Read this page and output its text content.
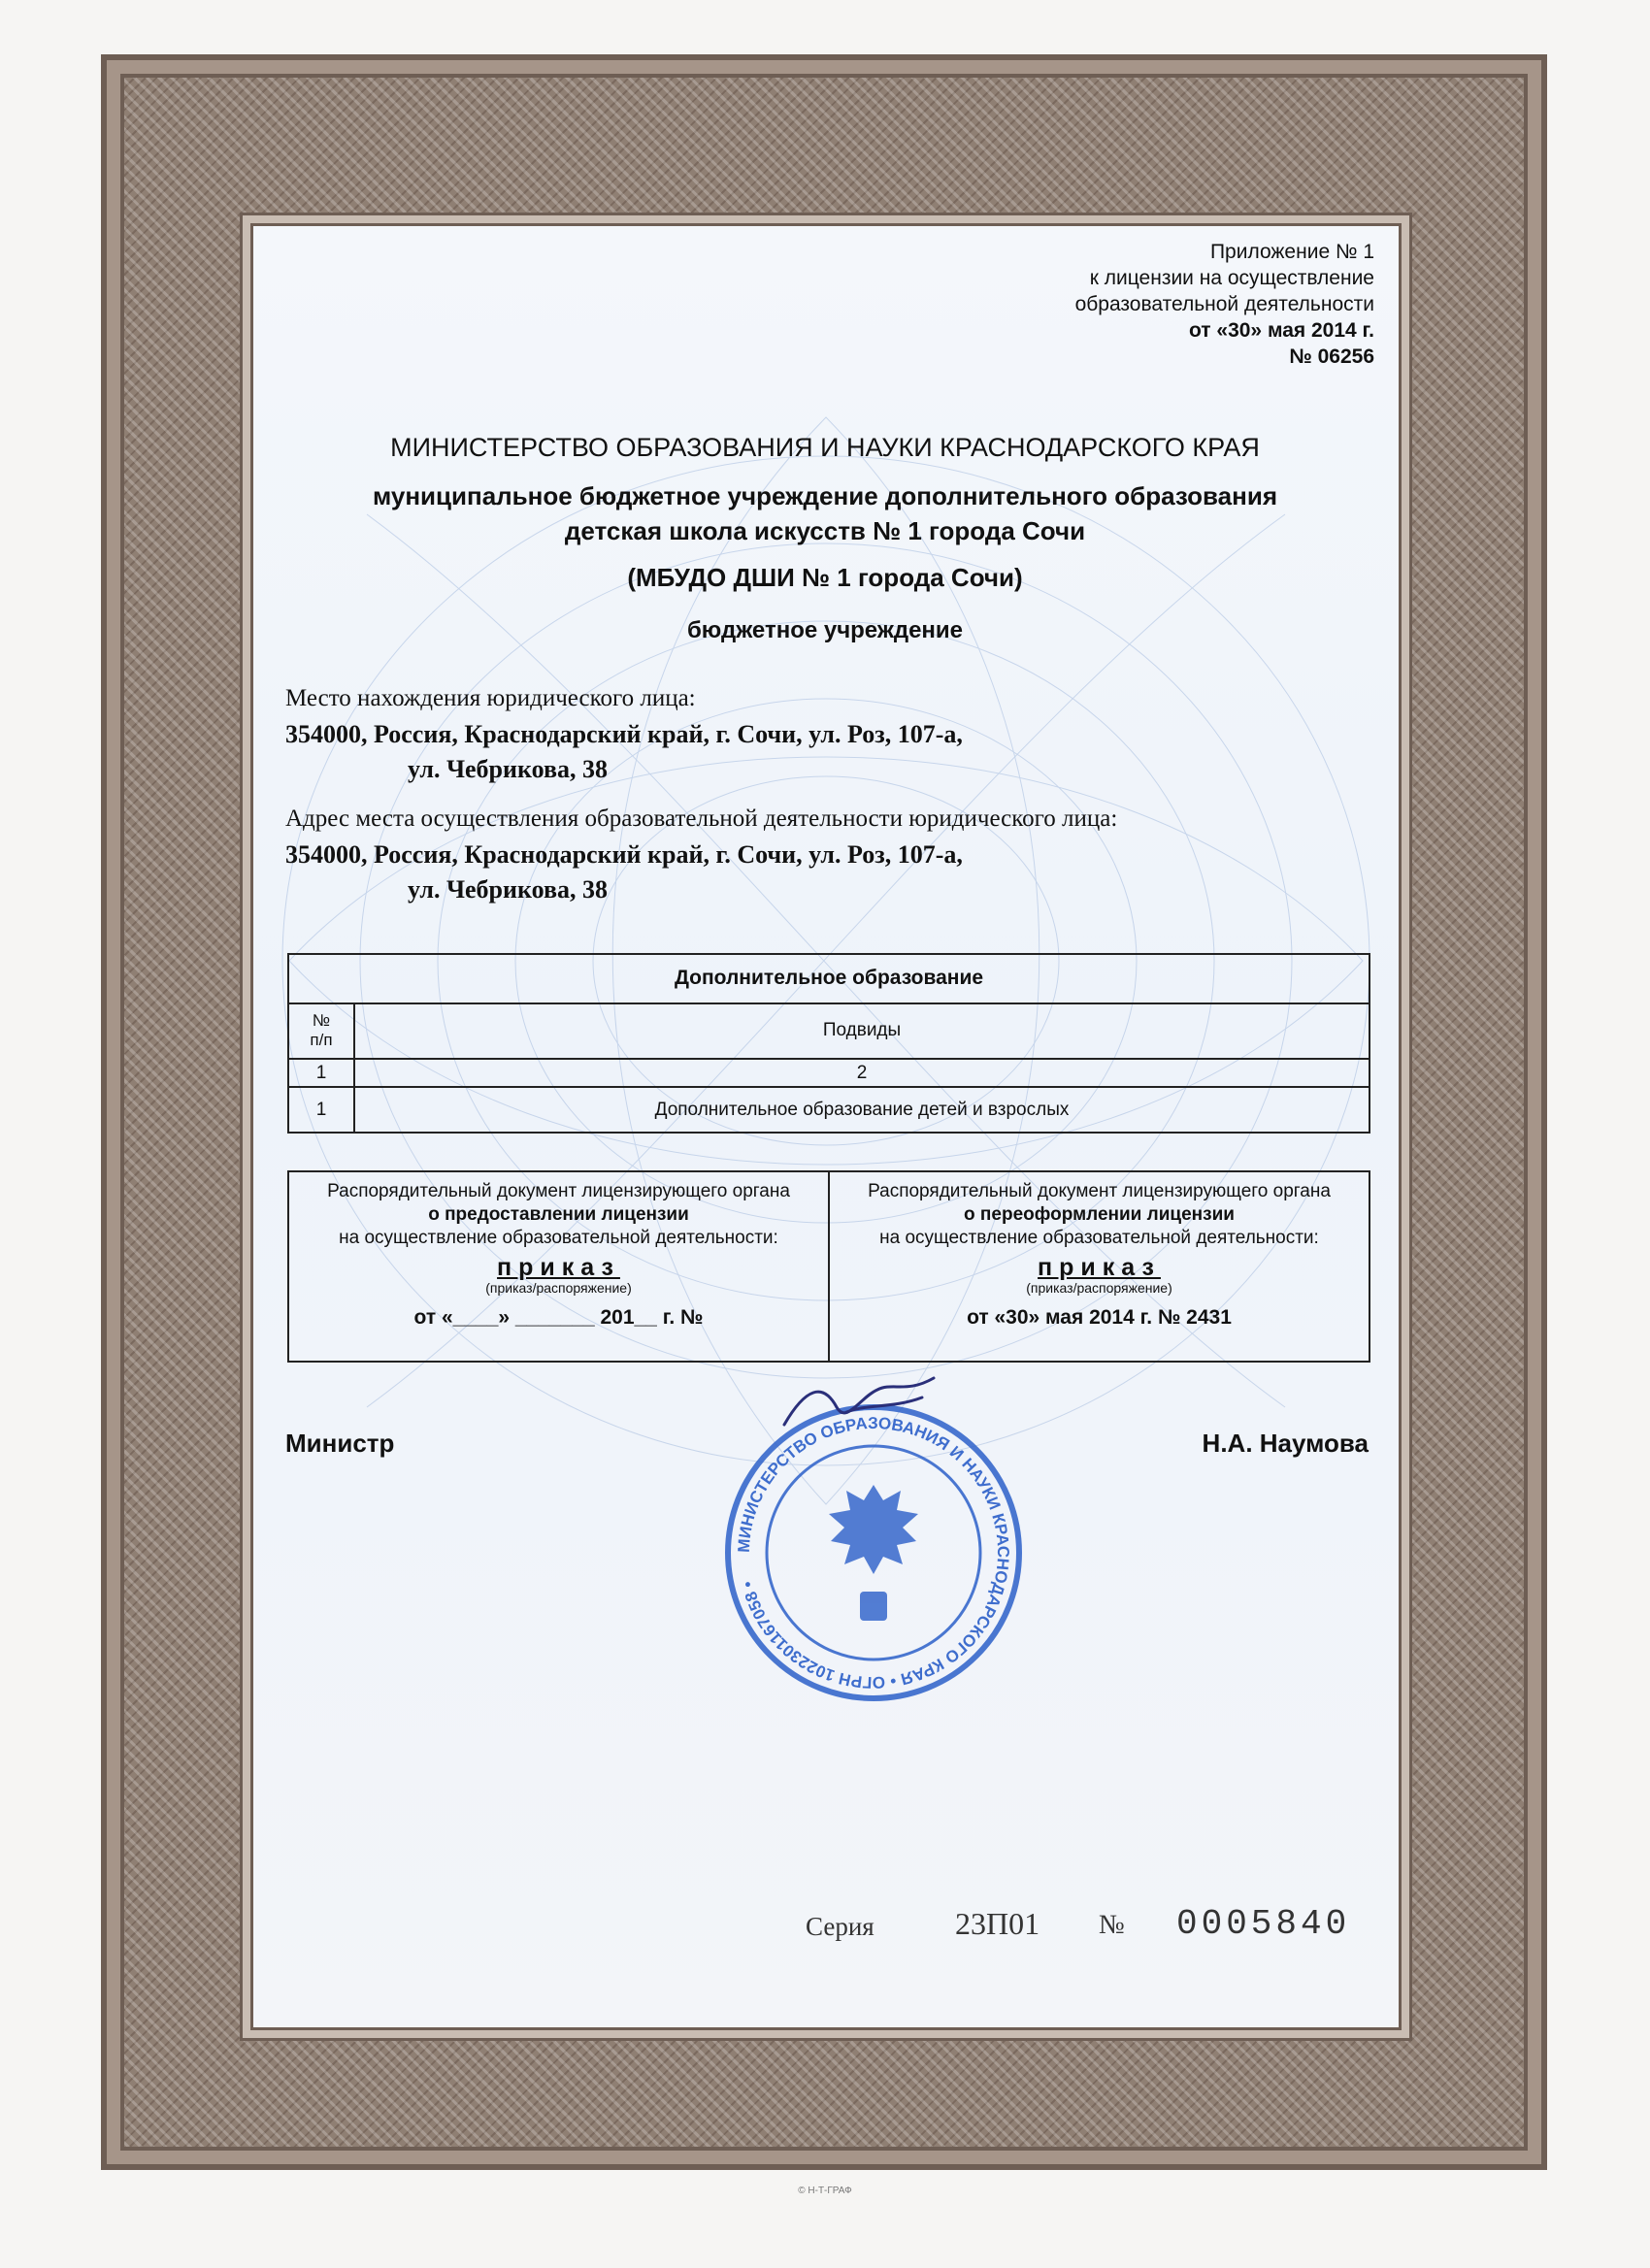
Приложение № 1
к лицензии на осуществление
образовательной деятельности
от «30» мая 2014 г.
№ 06256
МИНИСТЕРСТВО ОБРАЗОВАНИЯ И НАУКИ КРАСНОДАРСКОГО КРАЯ
муниципальное бюджетное учреждение дополнительного образования
детская школа искусств № 1 города Сочи
(МБУДО ДШИ № 1 города Сочи)
бюджетное учреждение
Место нахождения юридического лица:
354000, Россия, Краснодарский край, г. Сочи, ул. Роз, 107-а,
ул. Чебрикова, 38
Адрес места осуществления образовательной деятельности юридического лица:
354000, Россия, Краснодарский край, г. Сочи, ул. Роз, 107-а,
ул. Чебрикова, 38
Дополнительное образование	
№
п/п	Подвиды
1	2
1	Дополнительное образование детей и взрослых
Распорядительный документ лицензирующего органа
о предоставлении лицензии
на осуществление образовательной деятельности:
приказ
(приказ/распоряжение)
от «____» _______ 201__ г. №
Распорядительный документ лицензирующего органа
о переоформлении лицензии
на осуществление образовательной деятельности:
приказ
(приказ/распоряжение)
от «30» мая 2014 г. № 2431
Министр	Н.А. Наумова
МИНИСТЕРСТВО ОБРАЗОВАНИЯ И НАУКИ КРАСНОДАРСКОГО КРАЯ • ОГРН 1022301167058 •
Серия	23П01 № 0005840
© Н-Т-ГРАФ
